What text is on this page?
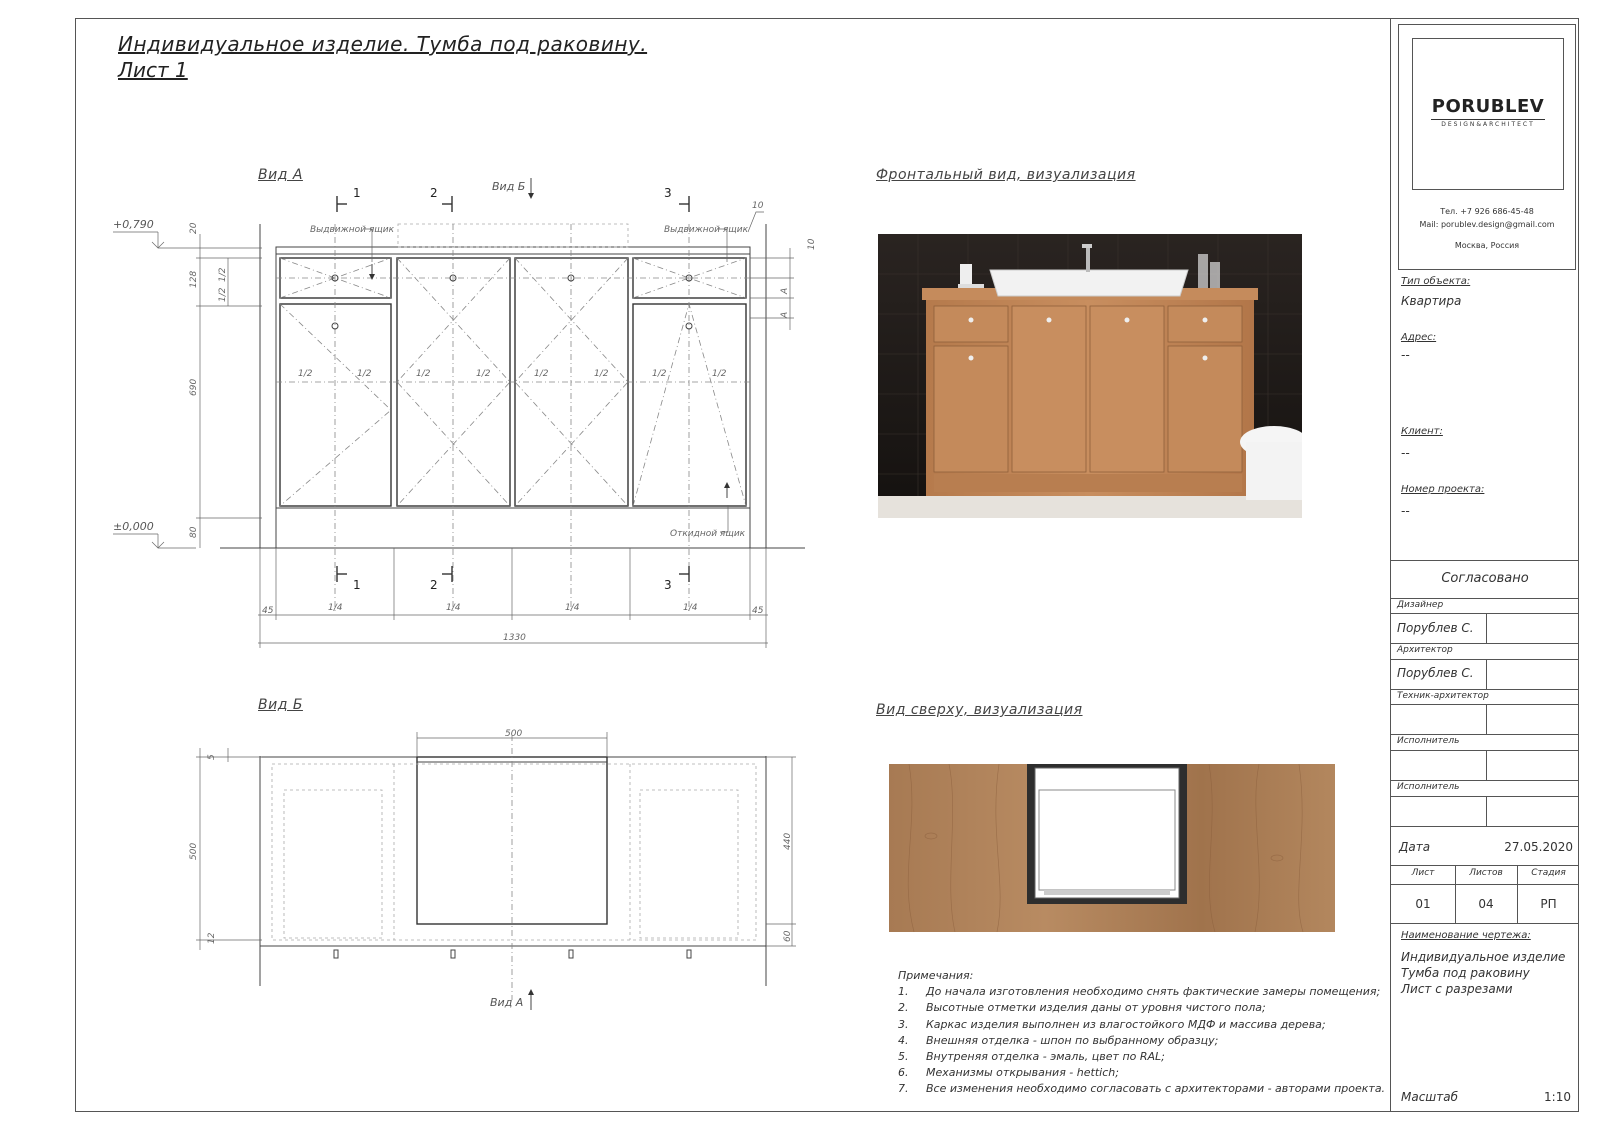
Индивидуальное изделие. Тумба под раковину.
Лист 1
Вид А
Вид Б
Фронтальный вид, визуализация
Вид сверху, визуализация
+0,790
±0,000
Выдвижной ящик	Выдвижной ящик
Откидной ящик
1/2	1/2	1/2	1/2	1/2	1/2	1/2	1/2
20
128
690
80
1/2
1/2
10
A
A
10
1	2	3
1	2	3
Вид Б
45	1/4	1/4	1/4	1/4	45
1330
500
5
500
12
440
60
Вид А
Примечания:
1.	До начала изготовления необходимо снять фактические замеры помещения;
2.	Высотные отметки изделия даны от уровня чистого пола;
3.	Каркас изделия выполнен из влагостойкого МДФ и массива дерева;
4.	Внешняя отделка - шпон по выбранному образцу;
5.	Внутреняя отделка - эмаль, цвет по RAL;
6.	Механизмы открывания - hettich;
7.	Все изменения необходимо согласовать с архитекторами - авторами проекта.
PORUBLEV
DESIGN&ARCHITECT
Тел. +7 926 686-45-48
Mail: porublev.design@gmail.com
Москва, Россия
Тип объекта:
Квартира
Адрес:
--
Клиент:
--
Номер проекта:
--
Согласовано
Дизайнер
Порублев С.
Архитектор
Порублев С.
Техник-архитектор
Исполнитель
Исполнитель
Дата	27.05.2020
Лист	Листов	Стадия
01	04	РП
Наименование чертежа:
Индивидуальное изделие
Тумба под раковину
Лист с разрезами
Масштаб	1:10
